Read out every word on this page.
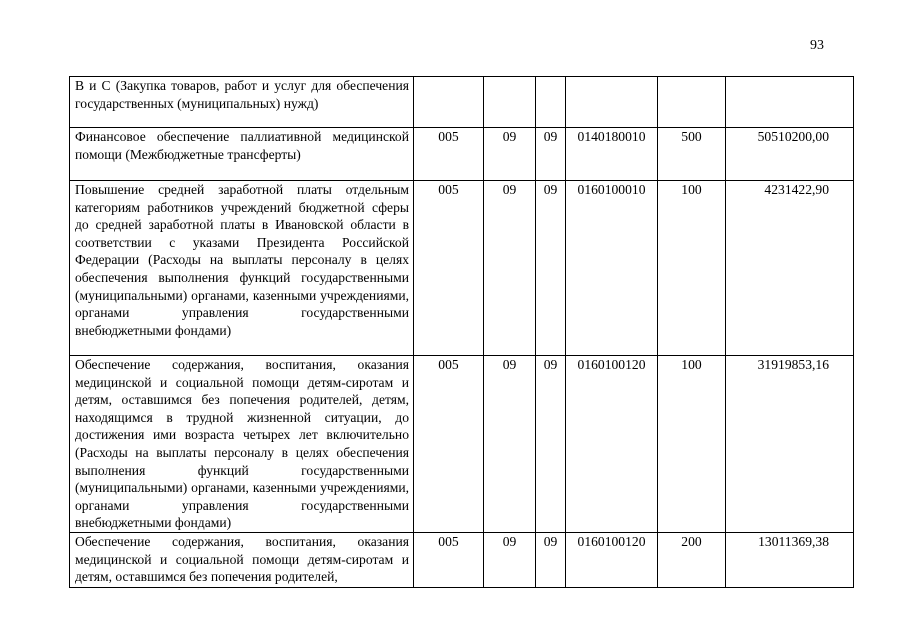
93
В и С (Закупка товаров, работ и услуг для обеспечения государственных (муниципальных) нужд)						
Финансовое обеспечение паллиативной медицинской помощи (Межбюджетные трансферты)	005	09	09	0140180010	500	50510200,00
Повышение средней заработной платы отдельным категориям работников учреждений бюджетной сферы до средней заработной платы в Ивановской области в соответствии с указами Президента Российской Федерации (Расходы на выплаты персоналу в целях обеспечения выполнения функций государственными (муниципальными) органами, казенными учреждениями, органами управления государственными внебюджетными фондами)	005	09	09	0160100010	100	4231422,90
Обеспечение содержания, воспитания, оказания медицинской и социальной помощи детям-сиротам и детям, оставшимся без попечения родителей, детям, находящимся в трудной жизненной ситуации, до достижения ими возраста четырех лет включительно (Расходы на выплаты персоналу в целях обеспечения выполнения функций государственными (муниципальными) органами, казенными учреждениями, органами управления государственными внебюджетными фондами)	005	09	09	0160100120	100	31919853,16
Обеспечение содержания, воспитания, оказания медицинской и социальной помощи детям-сиротам и детям, оставшимся без попечения родителей,	005	09	09	0160100120	200	13011369,38
